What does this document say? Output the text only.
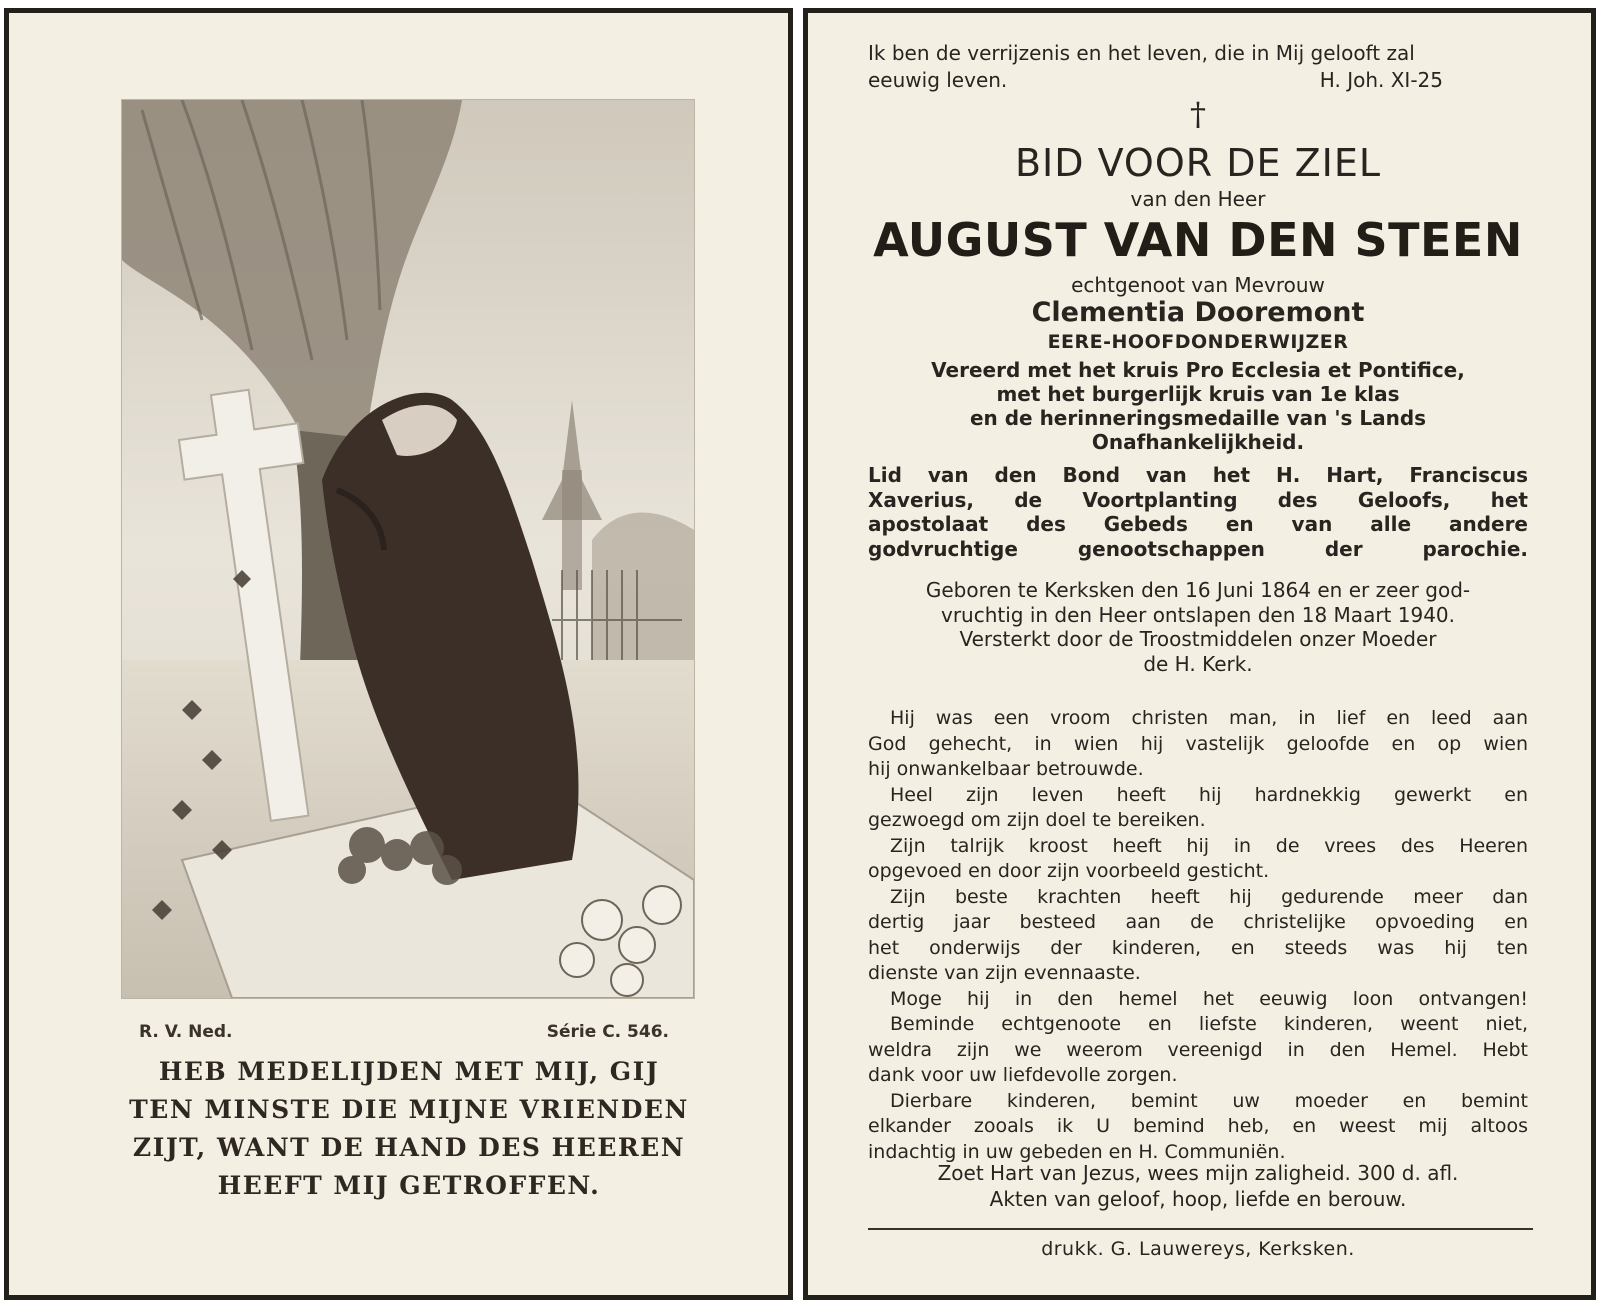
R. V. Ned.	Série C. 546.
HEB MEDELIJDEN MET MIJ, GIJ
TEN MINSTE DIE MIJNE VRIENDEN
ZIJT, WANT DE HAND DES HEEREN
HEEFT MIJ GETROFFEN.
Ik ben de verrijzenis en het leven, die in Mij gelooft zal
eeuwig leven.	H. Joh. XI-25
†
BID VOOR DE ZIEL
van den Heer
AUGUST VAN DEN STEEN
echtgenoot van Mevrouw
Clementia Dooremont
EERE-HOOFDONDERWIJZER
Vereerd met het kruis Pro Ecclesia et Pontifice,
met het burgerlijk kruis van 1e klas
en de herinneringsmedaille van 's Lands
Onafhankelijkheid.
Lid van den Bond van het H. Hart, Franciscus
Xaverius, de Voortplanting des Geloofs, het
apostolaat des Gebeds en van alle andere
godvruchtige genootschappen der parochie.
Geboren te Kerksken den 16 Juni 1864 en er zeer god-
vruchtig in den Heer ontslapen den 18 Maart 1940.
Versterkt door de Troostmiddelen onzer Moeder
de H. Kerk.
Hij was een vroom christen man, in lief en leed aan
God gehecht, in wien hij vastelijk geloofde en op wien
hij onwankelbaar betrouwde.
Heel zijn leven heeft hij hardnekkig gewerkt en
gezwoegd om zijn doel te bereiken.
Zijn talrijk kroost heeft hij in de vrees des Heeren
opgevoed en door zijn voorbeeld gesticht.
Zijn beste krachten heeft hij gedurende meer dan
dertig jaar besteed aan de christelijke opvoeding en
het onderwijs der kinderen, en steeds was hij ten
dienste van zijn evennaaste.
Moge hij in den hemel het eeuwig loon ontvangen!
Beminde echtgenoote en liefste kinderen, weent niet,
weldra zijn we weerom vereenigd in den Hemel. Hebt
dank voor uw liefdevolle zorgen.
Dierbare kinderen, bemint uw moeder en bemint
elkander zooals ik U bemind heb, en weest mij altoos
indachtig in uw gebeden en H. Communiën.
Zoet Hart van Jezus, wees mijn zaligheid. 300 d. afl.
Akten van geloof, hoop, liefde en berouw.
drukk. G. Lauwereys, Kerksken.
